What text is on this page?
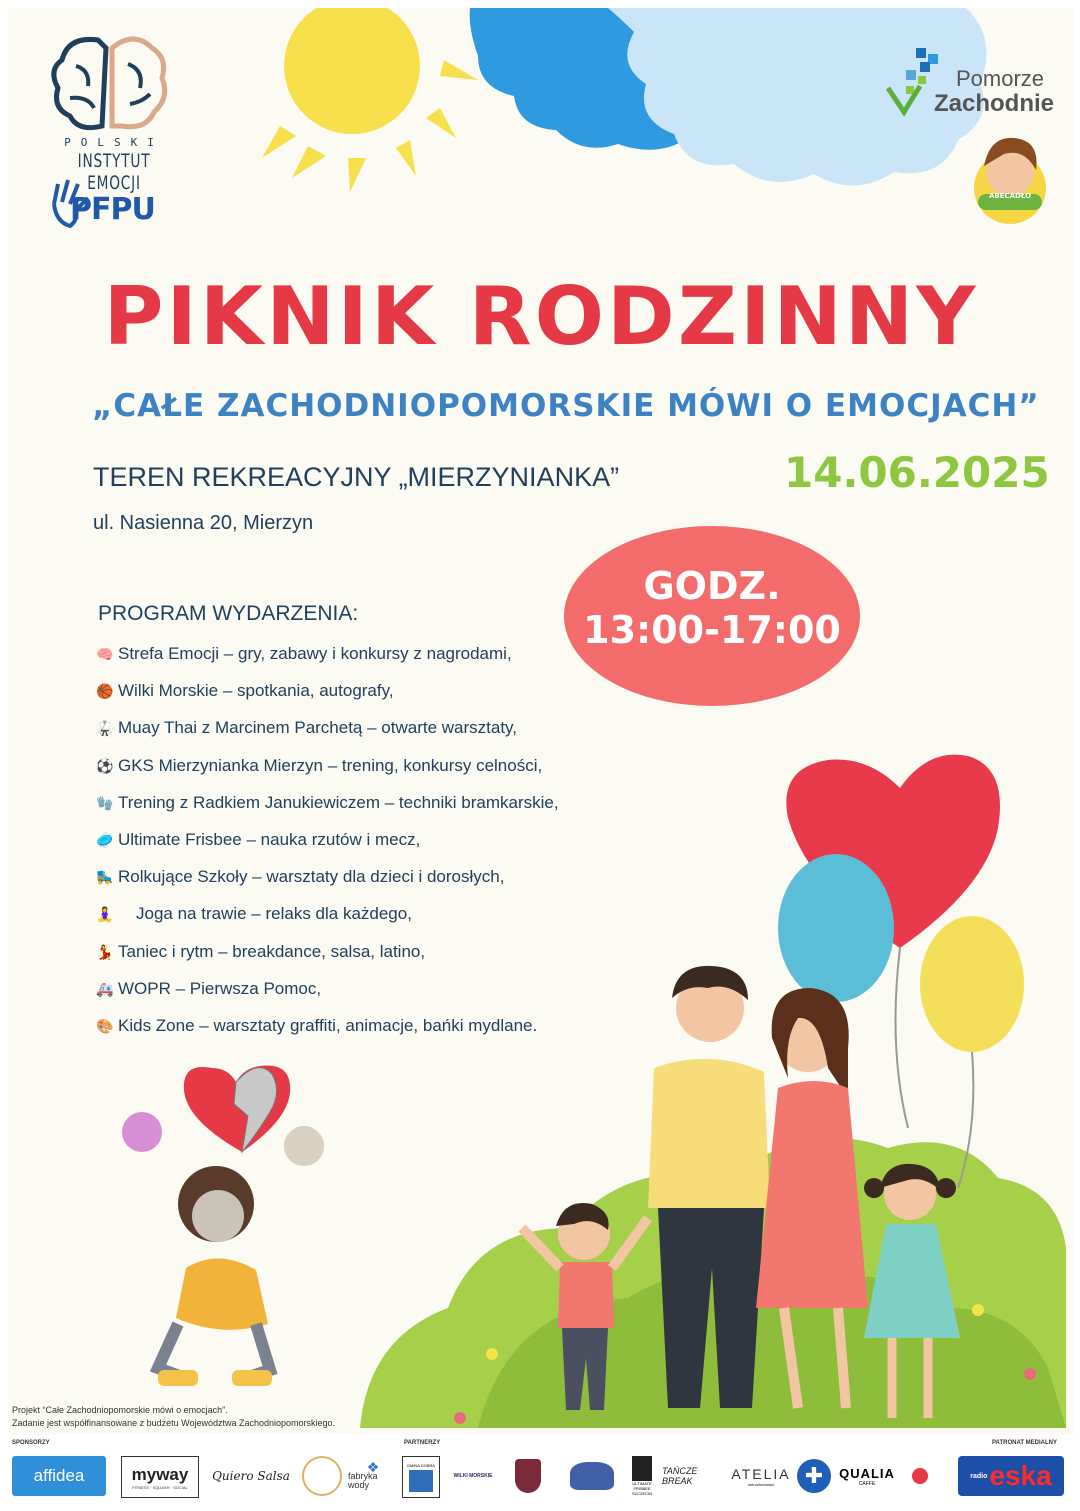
POLSKI
INSTYTUT EMOCJI
PFPU
Pomorze
Zachodnie
ABECADŁO
PIKNIK RODZINNY
„CAŁE ZACHODNIOPOMORSKIE MÓWI O EMOCJACH”
TEREN REKREACYJNY „MIERZYNIANKA”	14.06.2025
ul. Nasienna 20, Mierzyn
GODZ.
13:00-17:00
PROGRAM WYDARZENIA:
🧠 Strefa Emocji – gry, zabawy i konkursy z nagrodami,
🏀 Wilki Morskie – spotkania, autografy,
🥋 Muay Thai z Marcinem Parchetą – otwarte warsztaty,
⚽ GKS Mierzynianka Mierzyn – trening, konkursy celności,
🧤 Trening z Radkiem Janukiewiczem – techniki bramkarskie,
🥏 Ultimate Frisbee – nauka rzutów i mecz,
🛼 Rolkujące Szkoły – warsztaty dla dzieci i dorosłych,
🧘‍♀️ Joga na trawie – relaks dla każdego,
💃 Taniec i rytm – breakdance, salsa, latino,
🚑 WOPR – Pierwsza Pomoc,
🎨 Kids Zone – warsztaty graffiti, animacje, bańki mydlane.
Projekt “Całe Zachodniopomorskie mówi o emocjach”.
Zadanie jest współfinansowane z budżetu Województwa Zachodniopomorskiego.
SPONSORZY	PARTNERZY	PATRONAT MEDIALNY
affidea	myway
FITNESS · SQUASH · SOCIAL
Quiero Salsa
❖
fabryka wody
GMINA DOBRA
WILKI MORSKIE
ULTIMATE FRISBEE SZCZECIN
TAŃCZE BREAK	ATELIA
nieruchomości	✚	QUALIA
CAFFE
radio eska
